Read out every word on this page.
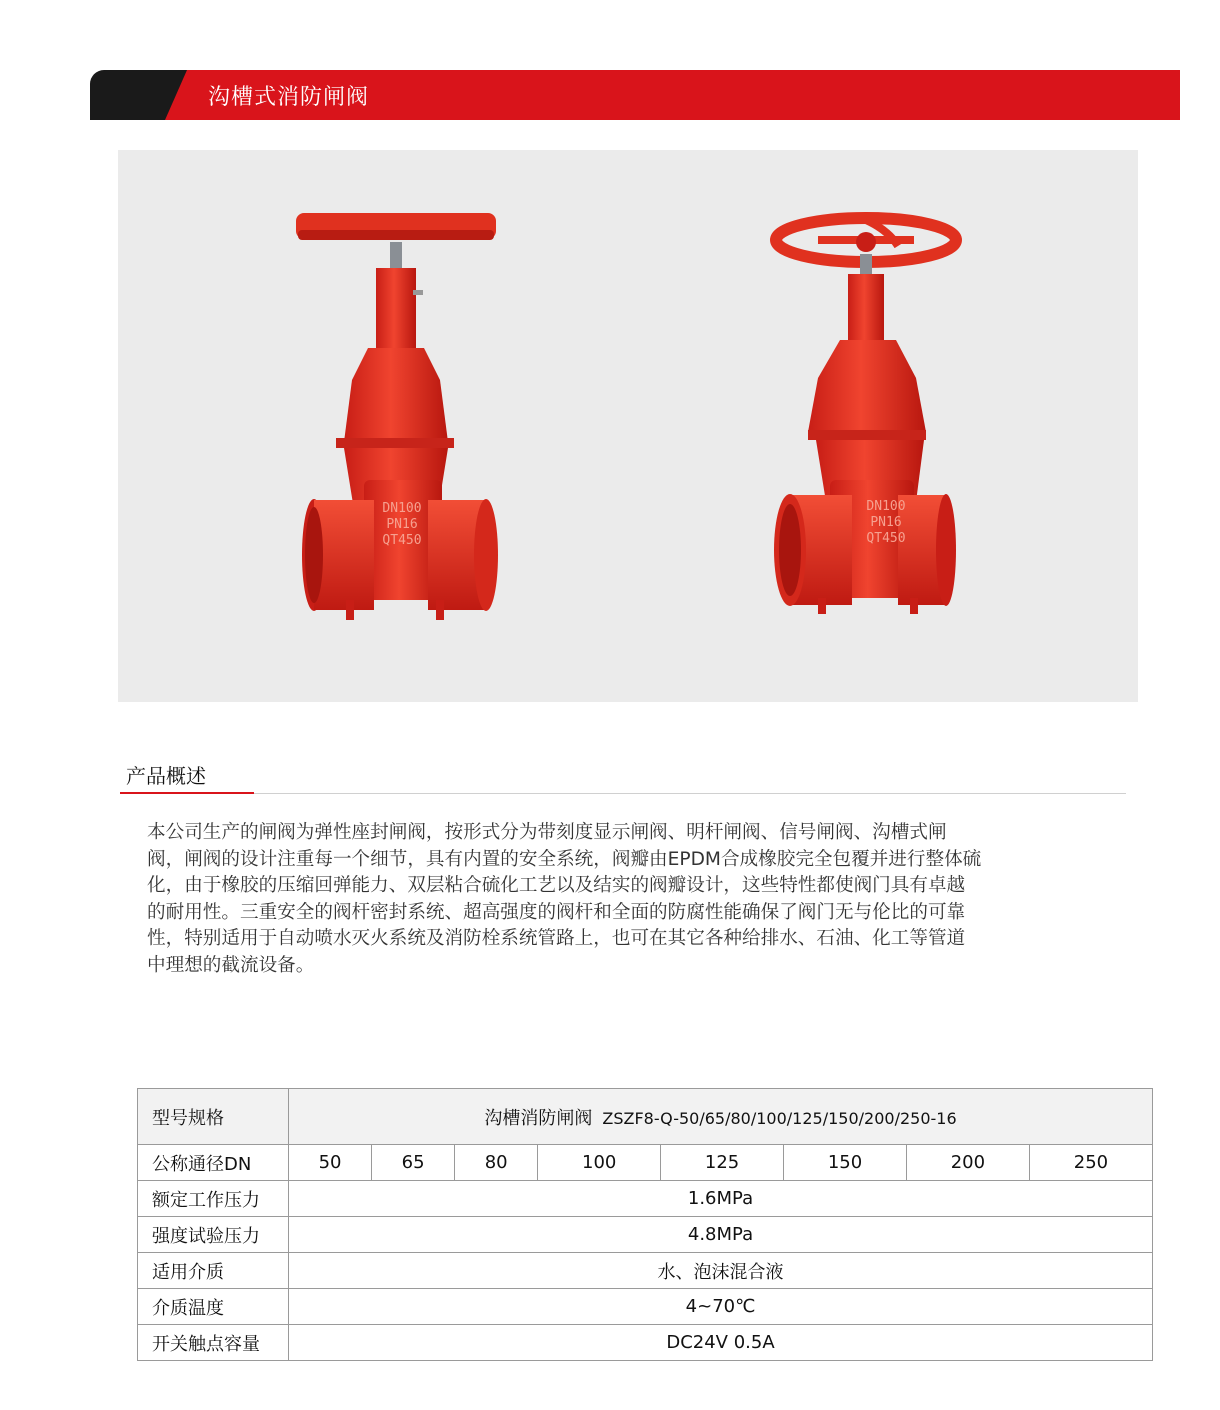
沟槽式消防闸阀
DN100
PN16
QT450
DN100
PN16
QT450
产品概述
本公司生产的闸阀为弹性座封闸阀，按形式分为带刻度显示闸阀、明杆闸阀、信号闸阀、沟槽式闸
阀，闸阀的设计注重每一个细节，具有内置的安全系统，阀瓣由EPDM合成橡胶完全包覆并进行整体硫
化，由于橡胶的压缩回弹能力、双层粘合硫化工艺以及结实的阀瓣设计，这些特性都使阀门具有卓越
的耐用性。三重安全的阀杆密封系统、超高强度的阀杆和全面的防腐性能确保了阀门无与伦比的可靠
性，特别适用于自动喷水灭火系统及消防栓系统管路上，也可在其它各种给排水、石油、化工等管道
中理想的截流设备。
型号规格	沟槽消防闸阀 ZSZF8-Q-50/65/80/100/125/150/200/250-16							
公称通径DN	50	65	80	100	125	150	200	250
额定工作压力	1.6MPa							
强度试验压力	4.8MPa							
适用介质	水、泡沫混合液							
介质温度	4~70℃							
开关触点容量	DC24V 0.5A							
